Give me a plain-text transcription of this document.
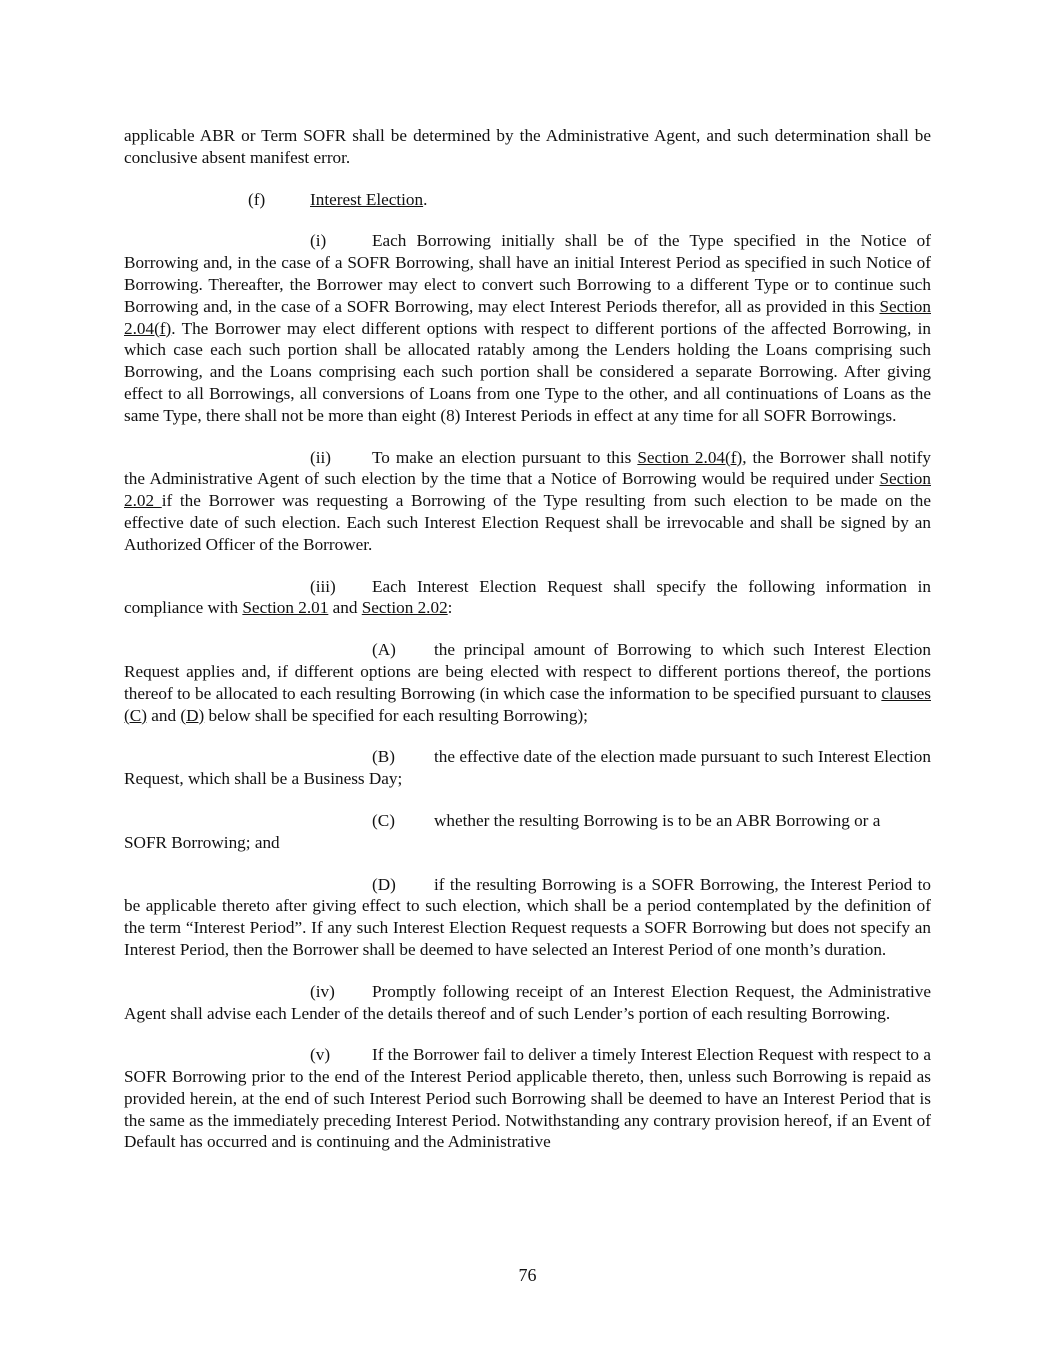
applicable ABR or Term SOFR shall be determined by the Administrative Agent, and such determination shall be conclusive absent manifest error.

(f)	Interest Election.

(i)	Each Borrowing initially shall be of the Type specified in the Notice of Borrowing and, in the case of a SOFR Borrowing, shall have an initial Interest Period as specified in such Notice of Borrowing. Thereafter, the Borrower may elect to convert such Borrowing to a different Type or to continue such Borrowing and, in the case of a SOFR Borrowing, may elect Interest Periods therefor, all as provided in this Section 2.04(f). The Borrower may elect different options with respect to different portions of the affected Borrowing, in which case each such portion shall be allocated ratably among the Lenders holding the Loans comprising such Borrowing, and the Loans comprising each such portion shall be considered a separate Borrowing. After giving effect to all Borrowings, all conversions of Loans from one Type to the other, and all continuations of Loans as the same Type, there shall not be more than eight (8) Interest Periods in effect at any time for all SOFR Borrowings.

(ii) To make an election pursuant to this Section 2.04(f), the Borrower shall notify the Administrative Agent of such election by the time that a Notice of Borrowing would be required under Section 2.02 if the Borrower was requesting a Borrowing of the Type resulting from such election to be made on the effective date of such election. Each such Interest Election Request shall be irrevocable and shall be signed by an Authorized Officer of the Borrower.

(iii) Each Interest Election Request shall specify the following information in compliance with Section 2.01 and Section 2.02:

(A) the principal amount of Borrowing to which such Interest Election Request applies and, if different options are being elected with respect to different portions thereof, the portions thereof to be allocated to each resulting Borrowing (in which case the information to be specified pursuant to clauses (C) and (D) below shall be specified for each resulting Borrowing);

(B) the effective date of the election made pursuant to such Interest Election Request, which shall be a Business Day;

(C) whether the resulting Borrowing is to be an ABR Borrowing or a

SOFR Borrowing; and

(D) if the resulting Borrowing is a SOFR Borrowing, the Interest Period to be applicable thereto after giving effect to such election, which shall be a period contemplated by the definition of the term “Interest Period”. If any such Interest Election Request requests a SOFR Borrowing but does not specify an Interest Period, then the Borrower shall be deemed to have selected an Interest Period of one month’s duration.

(iv) Promptly following receipt of an Interest Election Request, the Administrative Agent shall advise each Lender of the details thereof and of such Lender’s portion of each resulting Borrowing.

(v) If the Borrower fail to deliver a timely Interest Election Request with respect to a SOFR Borrowing prior to the end of the Interest Period applicable thereto, then, unless such Borrowing is repaid as provided herein, at the end of such Interest Period such Borrowing shall be deemed to have an Interest Period that is the same as the immediately preceding Interest Period. Notwithstanding any contrary provision hereof, if an Event of Default has occurred and is continuing and the Administrative

76
